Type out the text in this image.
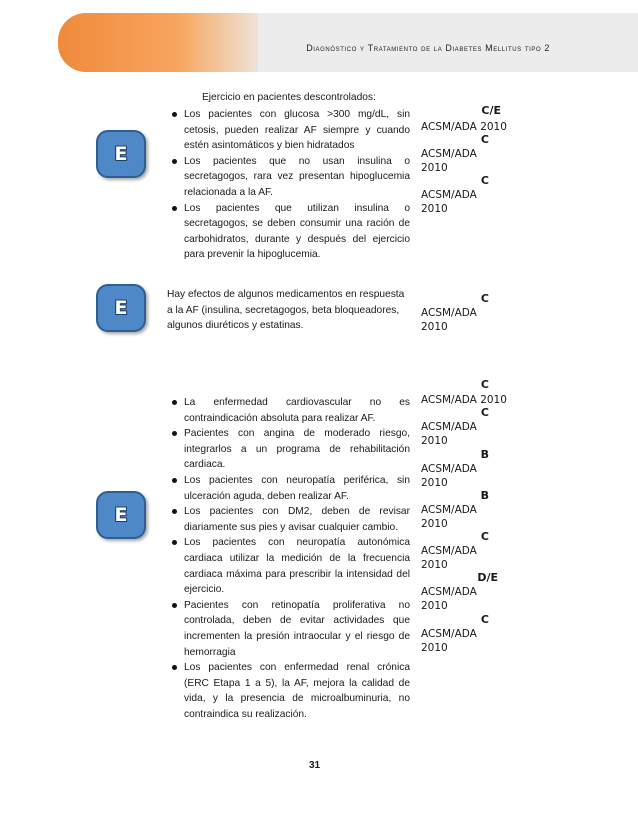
Diagnóstico y Tratamiento de la Diabetes Mellitus tipo 2
E
Ejercicio en pacientes descontrolados:
Los pacientes con glucosa >300 mg/dL, sin cetosis, pueden realizar AF siempre y cuando estén asintomáticos y bien hidratados
Los pacientes que no usan insulina o secretagogos, rara vez presentan hipoglucemia relacionada a la AF.
Los pacientes que utilizan insulina o secretagogos, se deben consumir una ración de carbohidratos, durante y después del ejercicio para prevenir la hipoglucemia.
C/E
ACSM/ADA 2010
C
ACSM/ADA
2010
C
ACSM/ADA
2010
E
Hay efectos de algunos medicamentos en respuesta a la AF (insulina, secretagogos, beta bloqueadores, algunos diuréticos y estatinas.
C
ACSM/ADA
2010
E
La enfermedad cardiovascular no es contraindicación absoluta para realizar AF.
Pacientes con angina de moderado riesgo, integrarlos a un programa de rehabilitación cardiaca.
Los pacientes con neuropatía periférica, sin ulceración aguda, deben realizar AF.
Los pacientes con DM2, deben de revisar diariamente sus pies y avisar cualquier cambio.
Los pacientes con neuropatía autonómica cardiaca utilizar la medición de la frecuencia cardiaca máxima para prescribir la intensidad del ejercicio.
Pacientes con retinopatía proliferativa no controlada, deben de evitar actividades que incrementen la presión intraocular y el riesgo de hemorragia
Los pacientes con enfermedad renal crónica (ERC Etapa 1 a 5), la AF, mejora la calidad de vida, y la presencia de microalbuminuria, no contraindica su realización.
C
ACSM/ADA 2010
C
ACSM/ADA
2010
B
ACSM/ADA
2010
B
ACSM/ADA
2010
C
ACSM/ADA
2010
D/E
ACSM/ADA
2010
C
ACSM/ADA
2010
31
